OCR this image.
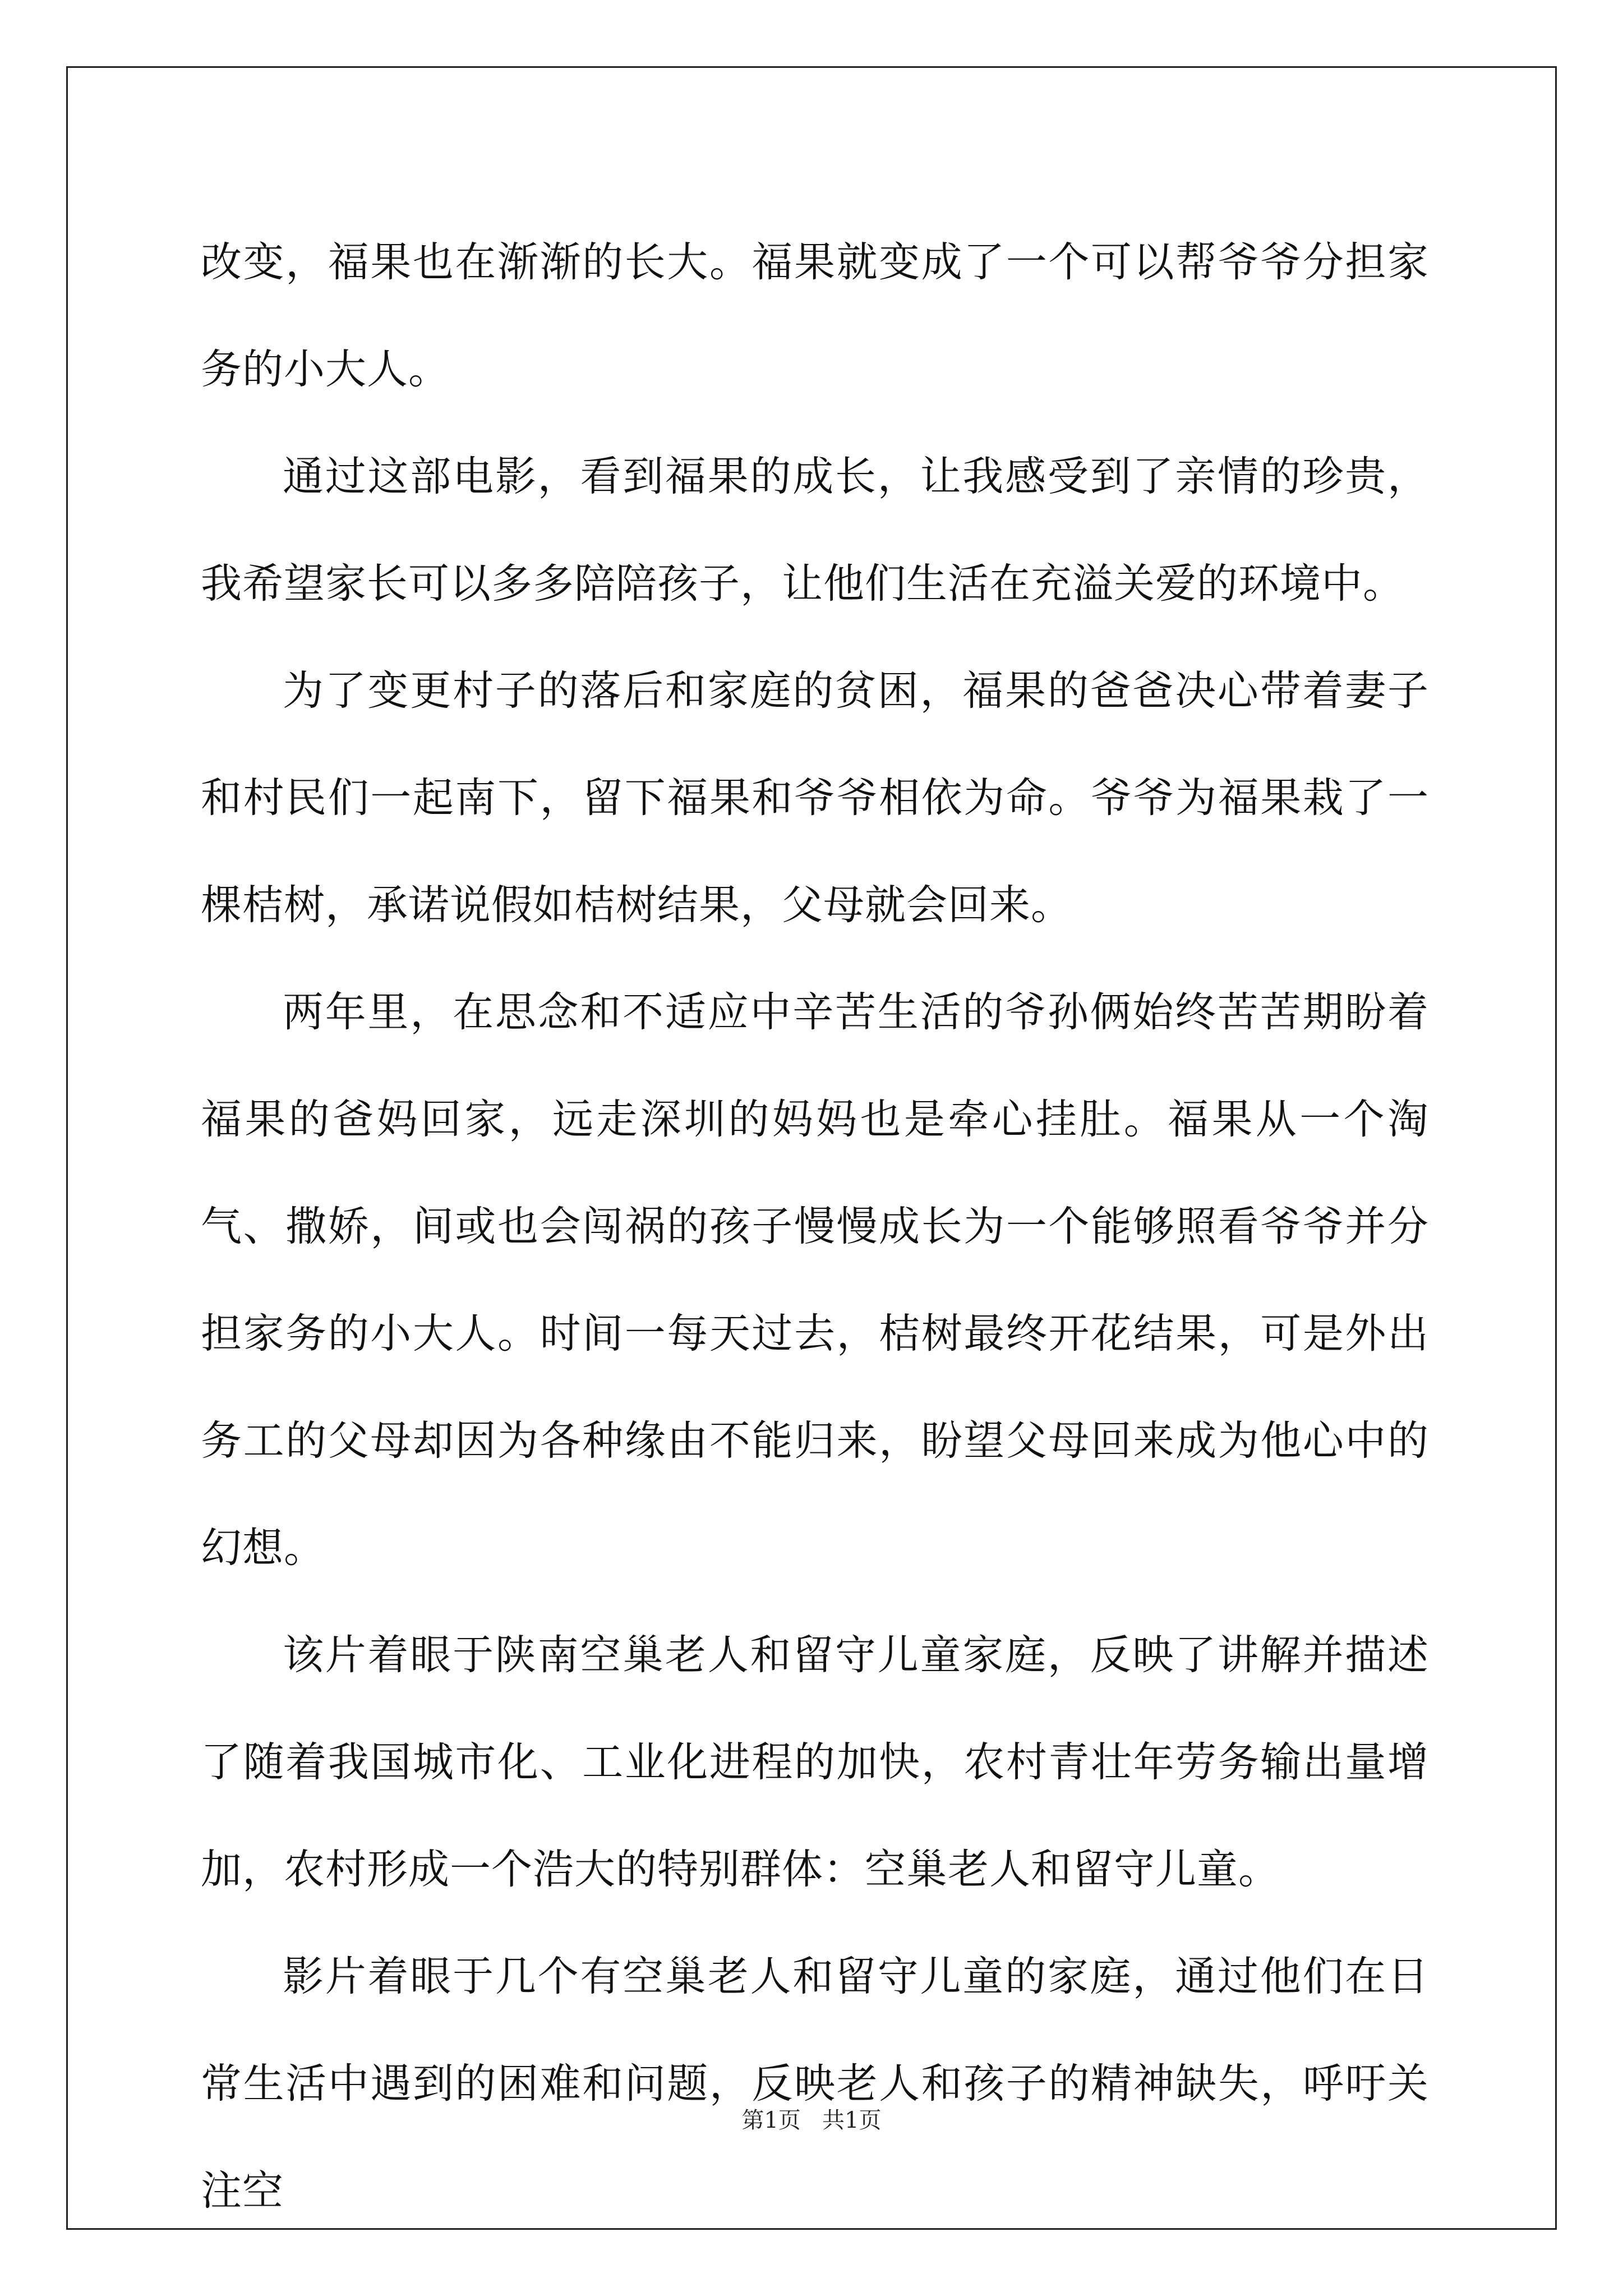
改变，福果也在渐渐的长大。福果就变成了一个可以帮爷爷分担家务的小大人。

通过这部电影，看到福果的成长，让我感受到了亲情的珍贵，我希望家长可以多多陪陪孩子，让他们生活在充溢关爱的环境中。

为了变更村子的落后和家庭的贫困，福果的爸爸决心带着妻子和村民们一起南下，留下福果和爷爷相依为命。爷爷为福果栽了一棵桔树，承诺说假如桔树结果，父母就会回来。

两年里，在思念和不适应中辛苦生活的爷孙俩始终苦苦期盼着福果的爸妈回家，远走深圳的妈妈也是牵心挂肚。福果从一个淘气、撒娇，间或也会闯祸的孩子慢慢成长为一个能够照看爷爷并分担家务的小大人。时间一每天过去，桔树最终开花结果，可是外出务工的父母却因为各种缘由不能归来，盼望父母回来成为他心中的幻想。

该片着眼于陕南空巢老人和留守儿童家庭，反映了讲解并描述了随着我国城市化、工业化进程的加快，农村青壮年劳务输出量增加，农村形成一个浩大的特别群体：空巢老人和留守儿童。

影片着眼于几个有空巢老人和留守儿童的家庭，通过他们在日常生活中遇到的困难和问题，反映老人和孩子的精神缺失，呼吁关注空

第1页   共1页
